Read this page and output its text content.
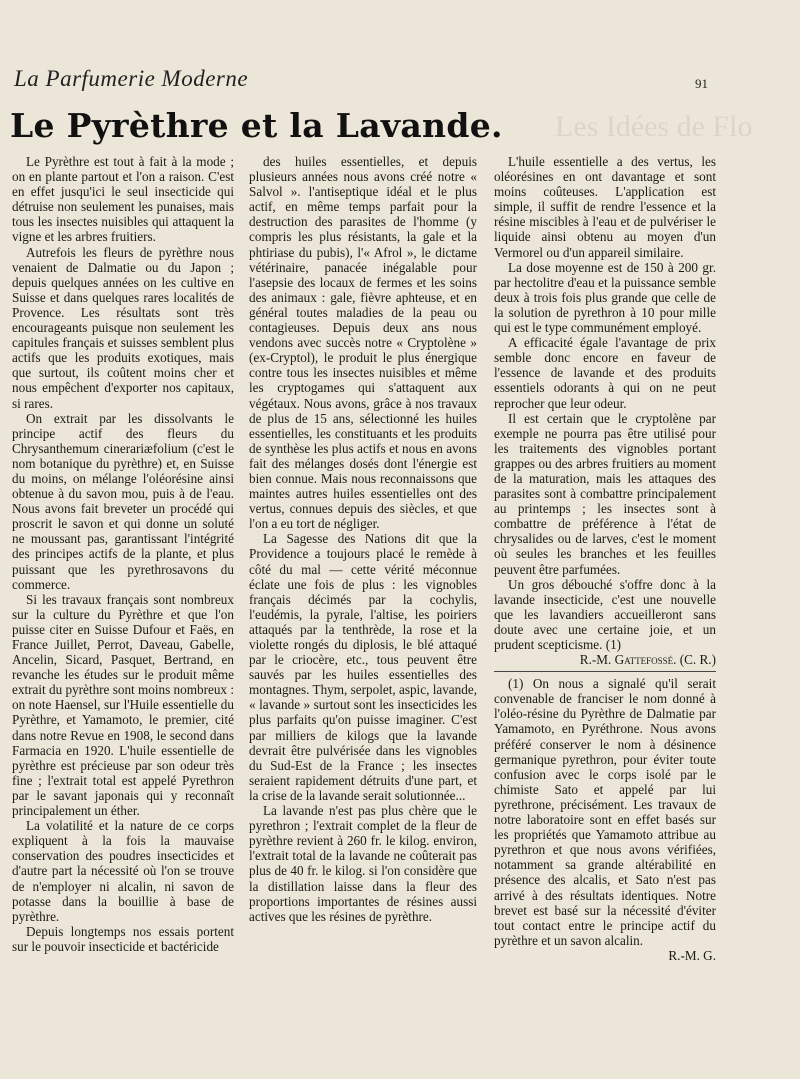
La Parfumerie Moderne	91
Les Idées de Flo
Le Pyrèthre et la Lavande.

Le Pyrèthre est tout à fait à la mode ; on en plante partout et l'on a raison. C'est en effet jusqu'ici le seul insecticide qui détruise non seulement les punaises, mais tous les insectes nuisibles qui attaquent la vigne et les arbres fruitiers.

Autrefois les fleurs de pyrèthre nous venaient de Dalmatie ou du Japon ; depuis quelques années on les cultive en Suisse et dans quelques rares localités de Provence. Les résultats sont très encourageants puisque non seulement les capitules français et suisses semblent plus actifs que les produits exotiques, mais que surtout, ils coûtent moins cher et nous empêchent d'exporter nos capitaux, si rares.

On extrait par les dissolvants le principe actif des fleurs du Chrysanthemum cinerariæfolium (c'est le nom botanique du pyrèthre) et, en Suisse du moins, on mélange l'oléorésine ainsi obtenue à du savon mou, puis à de l'eau. Nous avons fait breveter un procédé qui proscrit le savon et qui donne un soluté ne moussant pas, garantissant l'intégrité des principes actifs de la plante, et plus puissant que les pyrethrosavons du commerce.

Si les travaux français sont nombreux sur la culture du Pyrèthre et que l'on puisse citer en Suisse Dufour et Faës, en France Juillet, Perrot, Daveau, Gabelle, Ancelin, Sicard, Pasquet, Bertrand, en revanche les études sur le produit même extrait du pyrèthre sont moins nombreux : on note Haensel, sur l'Huile essentielle du Pyrèthre, et Yamamoto, le premier, cité dans notre Revue en 1908, le second dans Farmacia en 1920. L'huile essentielle de pyrèthre est précieuse par son odeur très fine ; l'extrait total est appelé Pyrethron par le savant japonais qui y reconnaît principalement un éther.

La volatilité et la nature de ce corps expliquent à la fois la mauvaise conservation des poudres insecticides et d'autre part la nécessité où l'on se trouve de n'employer ni alcalin, ni savon de potasse dans la bouillie à base de pyrèthre.

Depuis longtemps nos essais portent sur le pouvoir insecticide et bactéricide

des huiles essentielles, et depuis plusieurs années nous avons créé notre « Salvol ». l'antiseptique idéal et le plus actif, en même temps parfait pour la destruction des parasites de l'homme (y compris les plus résistants, la gale et la phtiriase du pubis), l'« Afrol », le dictame vétérinaire, panacée inégalable pour l'asepsie des locaux de fermes et les soins des animaux : gale, fièvre aphteuse, et en général toutes maladies de la peau ou contagieuses. Depuis deux ans nous vendons avec succès notre « Cryptolène » (ex-Cryptol), le produit le plus énergique contre tous les insectes nuisibles et même les cryptogames qui s'attaquent aux végétaux. Nous avons, grâce à nos travaux de plus de 15 ans, sélectionné les huiles essentielles, les constituants et les produits de synthèse les plus actifs et nous en avons fait des mélanges dosés dont l'énergie est bien connue. Mais nous reconnaissons que maintes autres huiles essentielles ont des vertus, connues depuis des siècles, et que l'on a eu tort de négliger.

La Sagesse des Nations dit que la Providence a toujours placé le remède à côté du mal — cette vérité méconnue éclate une fois de plus : les vignobles français décimés par la cochylis, l'eudémis, la pyrale, l'altise, les poiriers attaqués par la tenthrède, la rose et la violette rongés du diplosis, le blé attaqué par le criocère, etc., tous peuvent être sauvés par les huiles essentielles des montagnes. Thym, serpolet, aspic, lavande, « lavande » surtout sont les insecticides les plus parfaits qu'on puisse imaginer. C'est par milliers de kilogs que la lavande devrait être pulvérisée dans les vignobles du Sud-Est de la France ; les insectes seraient rapidement détruits d'une part, et la crise de la lavande serait solutionnée...

La lavande n'est pas plus chère que le pyrethron ; l'extrait complet de la fleur de pyrèthre revient à 260 fr. le kilog. environ, l'extrait total de la lavande ne coûterait pas plus de 40 fr. le kilog. si l'on considère que la distillation laisse dans la fleur des proportions importantes de résines aussi actives que les résines de pyrèthre.

L'huile essentielle a des vertus, les oléorésines en ont davantage et sont moins coûteuses. L'application est simple, il suffit de rendre l'essence et la résine miscibles à l'eau et de pulvériser le liquide ainsi obtenu au moyen d'un Vermorel ou d'un appareil similaire.

La dose moyenne est de 150 à 200 gr. par hectolitre d'eau et la puissance semble deux à trois fois plus grande que celle de la solution de pyrethron à 10 pour mille qui est le type communément employé.

A efficacité égale l'avantage de prix semble donc encore en faveur de l'essence de lavande et des produits essentiels odorants à qui on ne peut reprocher que leur odeur.

Il est certain que le cryptolène par exemple ne pourra pas être utilisé pour les traitements des vignobles portant grappes ou des arbres fruitiers au moment de la maturation, mais les attaques des parasites sont à combattre principalement au printemps ; les insectes sont à combattre de préférence à l'état de chrysalides ou de larves, c'est le moment où seules les branches et les feuilles peuvent être parfumées.

Un gros débouché s'offre donc à la lavande insecticide, c'est une nouvelle que les lavandiers accueilleront sans doute avec une certaine joie, et un prudent scepticisme. (1)

R.-M. Gattefossé. (C. R.)

(1) On nous a signalé qu'il serait convenable de franciser le nom donné à l'oléo-résine du Pyrèthre de Dalmatie par Yamamoto, en Pyréthrone. Nous avons préféré conserver le nom à désinence germanique pyrethron, pour éviter toute confusion avec le corps isolé par le chimiste Sato et appelé par lui pyrethrone, précisément. Les travaux de notre laboratoire sont en effet basés sur les propriétés que Yamamoto attribue au pyrethron et que nous avons vérifiées, notamment sa grande altérabilité en présence des alcalis, et Sato n'est pas arrivé à des résultats identiques. Notre brevet est basé sur la nécessité d'éviter tout contact entre le principe actif du pyrèthre et un savon alcalin.

R.-M. G.
